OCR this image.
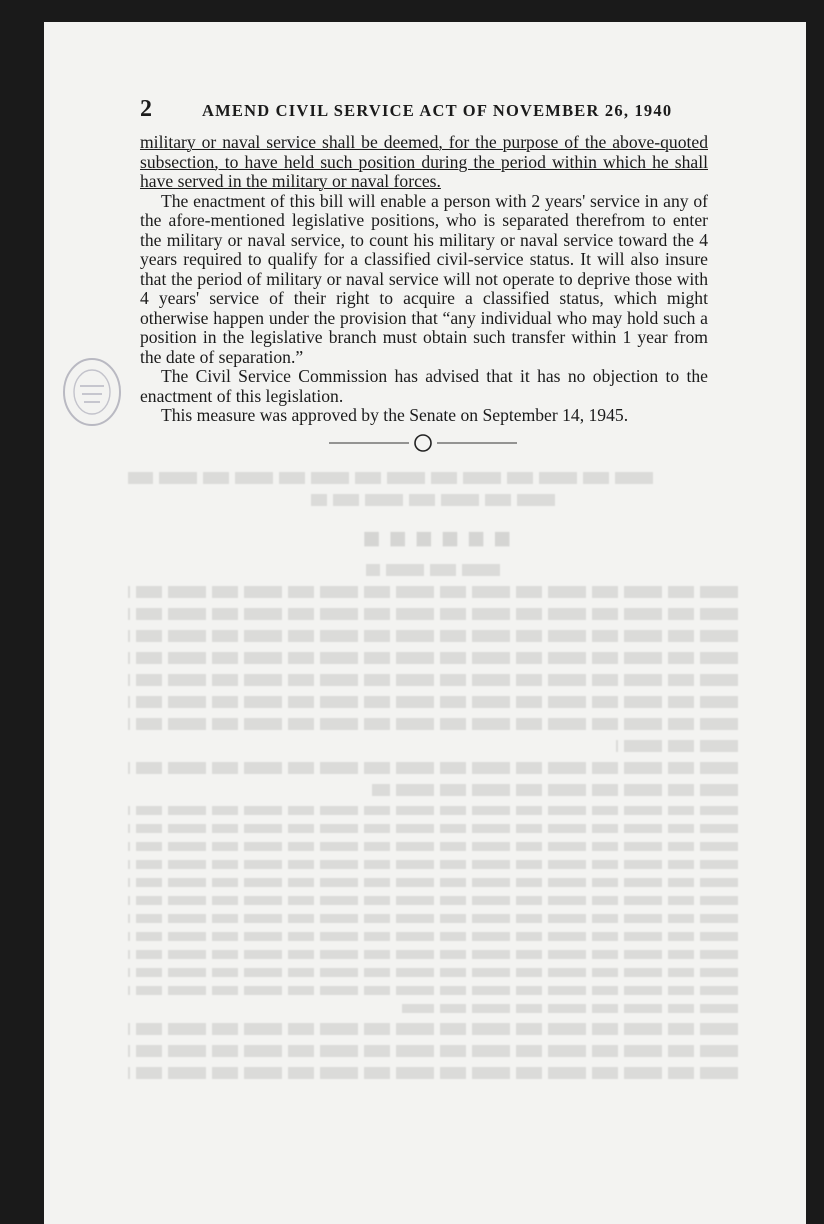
2	AMEND CIVIL SERVICE ACT OF NOVEMBER 26, 1940

military or naval service shall be deemed, for the purpose of the above-quoted subsection, to have held such position during the period within which he shall have served in the military or naval forces.

The enactment of this bill will enable a person with 2 years' service in any of the afore-mentioned legislative positions, who is separated therefrom to enter the military or naval service, to count his military or naval service toward the 4 years required to qualify for a classified civil-service status. It will also insure that the period of military or naval service will not operate to deprive those with 4 years' service of their right to acquire a classified status, which might otherwise happen under the provision that “any individual who may hold such a position in the legislative branch must obtain such transfer within 1 year from the date of separation.”

The Civil Service Commission has advised that it has no objection to the enactment of this legislation.

This measure was approved by the Senate on September 14, 1945.

■■■■■■
